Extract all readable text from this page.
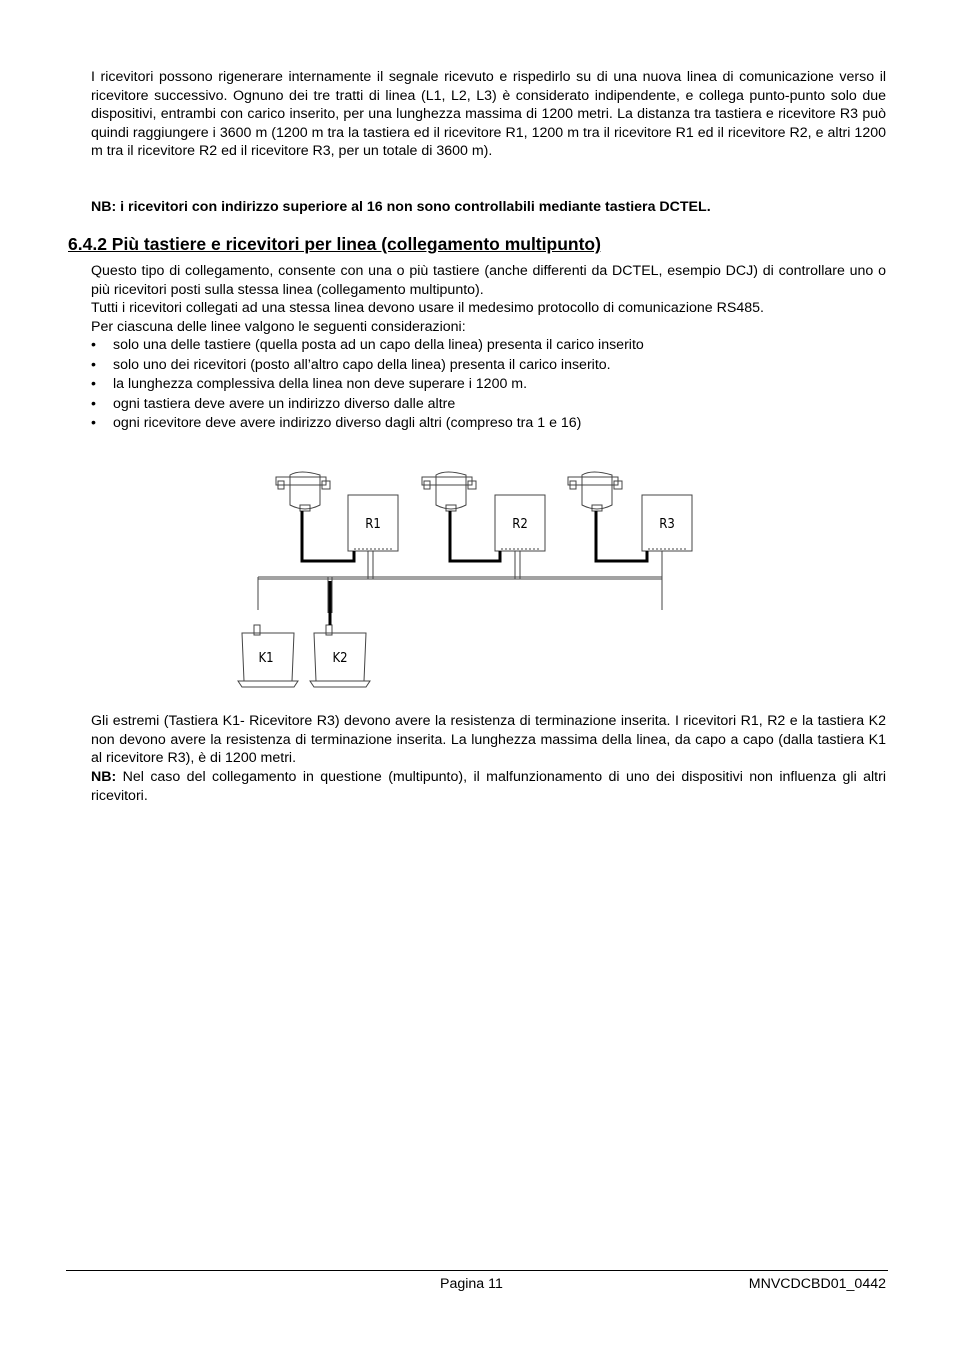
I ricevitori possono rigenerare internamente il segnale ricevuto e rispedirlo su di una nuova linea di comunicazione verso il ricevitore successivo. Ognuno dei tre tratti di linea (L1, L2, L3) è considerato indipendente, e collega punto-punto solo due dispositivi, entrambi con carico inserito, per una lunghezza massima di 1200 metri. La distanza tra tastiera e ricevitore R3 può quindi raggiungere i 3600 m (1200 m tra la tastiera ed il ricevitore R1, 1200 m tra il ricevitore R1 ed il ricevitore R2, e altri 1200 m tra il ricevitore R2 ed il ricevitore R3, per un totale di 3600 m).
NB: i ricevitori con indirizzo superiore al 16 non sono controllabili mediante tastiera DCTEL.
6.4.2 Più tastiere e ricevitori per linea (collegamento multipunto)
Questo tipo di collegamento, consente con una o più tastiere (anche differenti da DCTEL, esempio DCJ) di controllare uno o più ricevitori posti sulla stessa linea (collegamento multipunto).
Tutti i ricevitori collegati ad una stessa linea devono usare il medesimo protocollo di comunicazione RS485.
Per ciascuna delle linee valgono le seguenti considerazioni:
• solo una delle tastiere (quella posta ad un capo della linea) presenta il carico inserito
• solo uno dei ricevitori (posto all’altro capo della linea) presenta il carico inserito.
• la lunghezza complessiva della linea non deve superare i 1200 m.
• ogni tastiera deve avere un indirizzo diverso dalle altre
• ogni ricevitore deve avere indirizzo diverso dagli altri (compreso tra 1 e 16)
R1	R2	R3
K1	K2
Gli estremi (Tastiera K1- Ricevitore R3) devono avere la resistenza di terminazione inserita. I ricevitori R1, R2 e la tastiera K2 non devono avere la resistenza di terminazione inserita. La lunghezza massima della linea, da capo a capo (dalla tastiera K1 al ricevitore R3), è di 1200 metri.
NB: Nel caso del collegamento in questione (multipunto), il malfunzionamento di uno dei dispositivi non influenza gli altri ricevitori.
Pagina 11	MNVCDCBD01_0442
